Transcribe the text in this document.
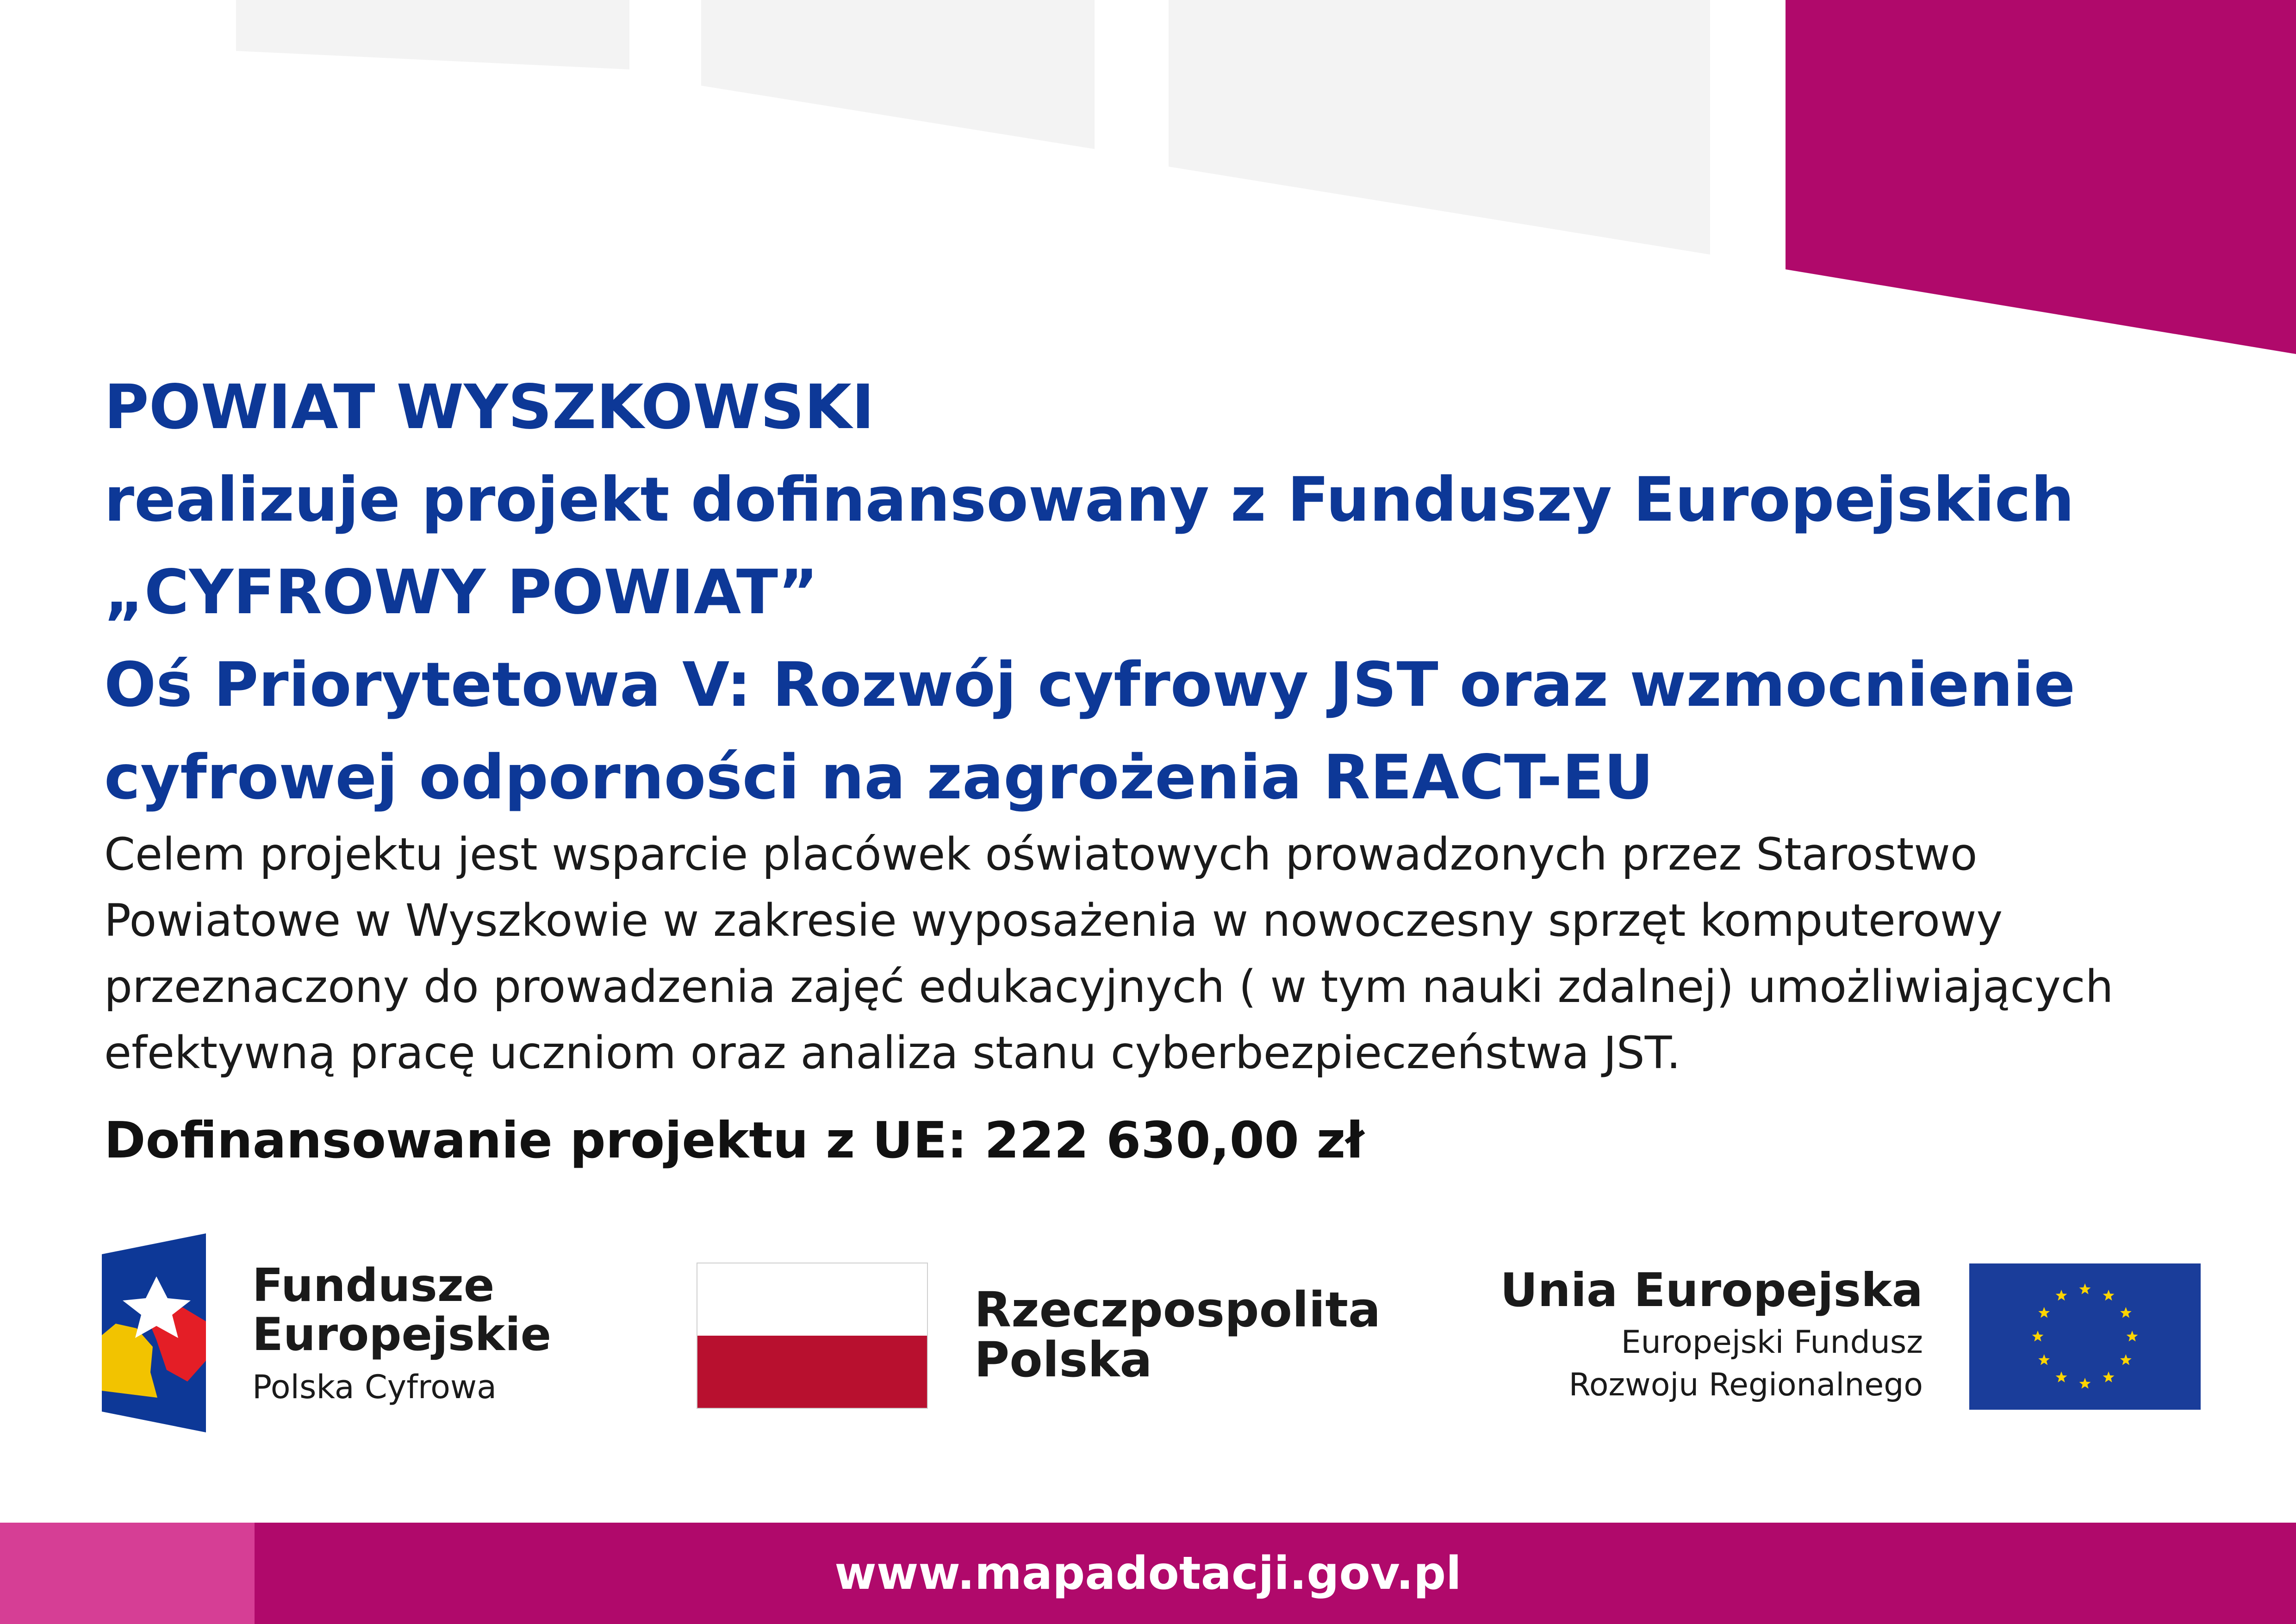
POWIAT WYSZKOWSKI
realizuje projekt dofinansowany z Funduszy Europejskich
„CYFROWY POWIAT”
Oś Priorytetowa V: Rozwój cyfrowy JST oraz wzmocnienie
cyfrowej odporności na zagrożenia REACT-EU
Celem projektu jest wsparcie placówek oświatowych prowadzonych przez Starostwo
Powiatowe w Wyszkowie w zakresie wyposażenia w nowoczesny sprzęt komputerowy
przeznaczony do prowadzenia zajęć edukacyjnych ( w tym nauki zdalnej) umożliwiających
efektywną pracę uczniom oraz analiza stanu cyberbezpieczeństwa JST.
Dofinansowanie projektu z UE: 222 630,00 zł
Fundusze
Europejskie
Polska Cyfrowa
Rzeczpospolita
Polska
Unia Europejska
Europejski Fundusz
Rozwoju Regionalnego
www.mapadotacji.gov.pl
